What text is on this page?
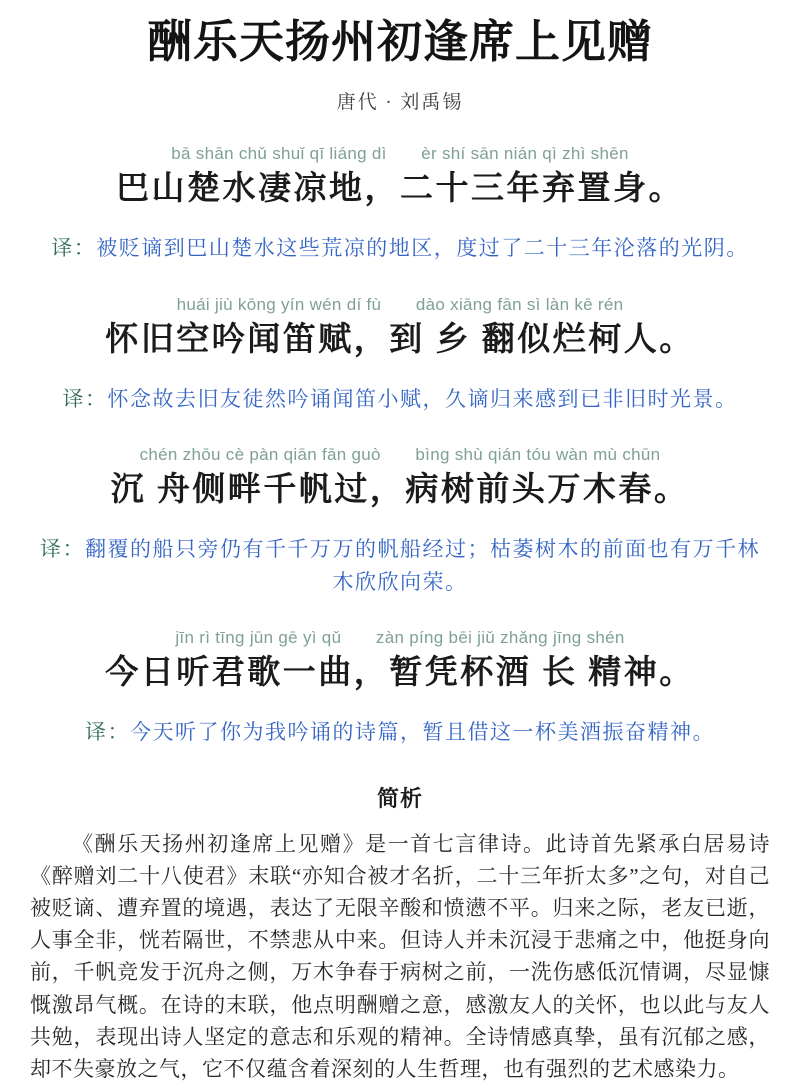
酬乐天扬州初逢席上见赠
唐代 · 刘禹锡
bā shān chǔ shuǐ qī liáng dì　　èr shí sān nián qì zhì shēn
巴山楚水凄凉地，二十三年弃置身。

译：被贬谪到巴山楚水这些荒凉的地区，度过了二十三年沦落的光阴。

huái jiù kōng yín wén dí fù　　dào xiāng fān sì làn kē rén
怀旧空吟闻笛赋，到 乡 翻似烂柯人。

译：怀念故去旧友徒然吟诵闻笛小赋，久谪归来感到已非旧时光景。

chén zhōu cè pàn qiān fān guò　　bìng shù qián tóu wàn mù chūn
沉 舟侧畔千帆过，病树前头万木春。

译：翻覆的船只旁仍有千千万万的帆船经过；枯萎树木的前面也有万千林木欣欣向荣。

jīn rì tīng jūn gē yì qǔ　　zàn píng bēi jiǔ zhǎng jīng shén
今日听君歌一曲，暂凭杯酒 长 精神。

译：今天听了你为我吟诵的诗篇，暂且借这一杯美酒振奋精神。

简析

《酬乐天扬州初逢席上见赠》是一首七言律诗。此诗首先紧承白居易诗《醉赠刘二十八使君》末联“亦知合被才名折，二十三年折太多”之句，对自己被贬谪、遭弃置的境遇，表达了无限辛酸和愤懑不平。归来之际，老友已逝，人事全非，恍若隔世，不禁悲从中来。但诗人并未沉浸于悲痛之中，他挺身向前，千帆竞发于沉舟之侧，万木争春于病树之前，一洗伤感低沉情调，尽显慷慨激昂气概。在诗的末联，他点明酬赠之意，感激友人的关怀，也以此与友人共勉，表现出诗人坚定的意志和乐观的精神。全诗情感真挚，虽有沉郁之感，却不失豪放之气，它不仅蕴含着深刻的人生哲理，也有强烈的艺术感染力。
